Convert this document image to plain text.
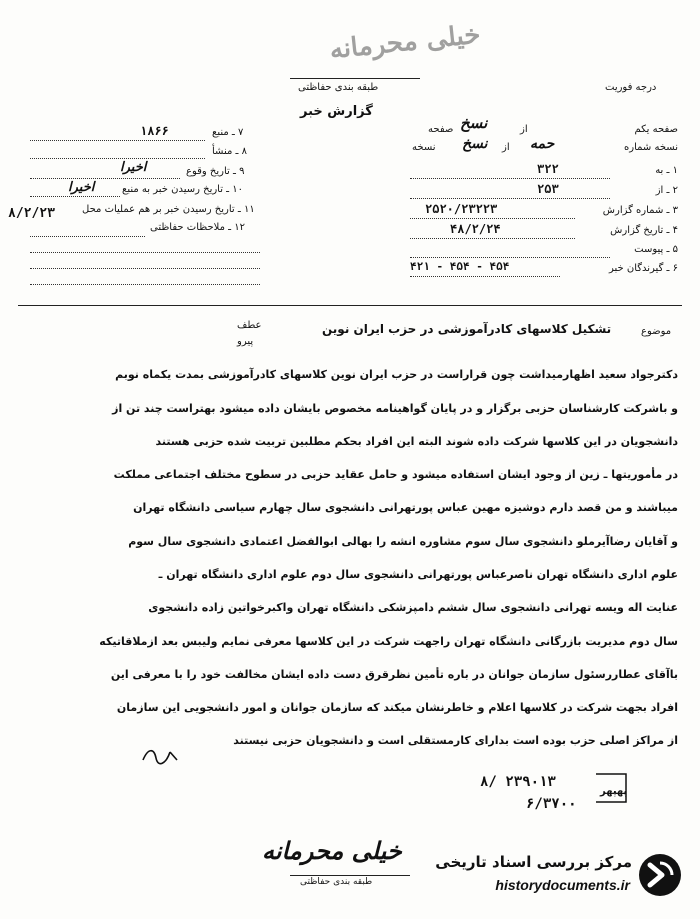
خیلی محرمانه
طبقه بندی حفاظتی	درجه فوریت
گزارش خبر
صفحه یکم
از
نسخ
صفحه
نسخه شماره
حمه
از
نسخ
نسخه
۱ ـ به
۳۲۲
۲ ـ از
۲۵۳
۳ ـ شماره گزارش
۲۵۲۰/۲۳۲۲۳
۴ ـ تاریخ گزارش
۴۸/۲/۲۴
۵ ـ پیوست
۶ ـ گیرندگان خبر
۴۲۱ - ۴۵۴ - ۴۵۴
۷ ـ منبع
۱۸۶۶
۸ ـ منشأ
۹ ـ تاریخ وقوع
اخیرا
۱۰ ـ تاریخ رسیدن خبر به منبع
اخیرا
۱۱ ـ تاریخ رسیدن خبر بر هم عملیات محل
۸/۲/۲۳
۱۲ ـ ملاحظات حفاظتی
عطف
پیرو
موضوع
تشکیل کلاسهای کادرآموزشی در حزب ایران نوین
دکترجواد سعید اظهارمیداشت چون قراراست در حزب ایران نوین کلاسهای کادرآموزشی بمدت یکماه نوبم
و باشرکت کارشناسان حزبی برگزار و در پایان گواهینامه مخصوص بایشان داده میشود بهتراست چند تن از
دانشجویان در این کلاسها شرکت داده شوند البته این افراد بحکم مطلبین تربیت شده حزبی هستند
در مأموریتها ـ زین از وجود ایشان استفاده میشود و حامل عقاید حزبی در سطوح مختلف اجتماعی مملکت
میباشند و من قصد دارم دوشیزه مهین عباس پورتهرانی دانشجوی سال چهارم سیاسی دانشگاه تهران
و آقایان رضاآیرملو دانشجوی سال سوم مشاوره انشه را بهالی ابوالفضل اعتمادی دانشجوی سال سوم
علوم اداری دانشگاه تهران ناصرعباس پورتهرانی دانشجوی سال دوم علوم اداری دانشگاه تهران ـ
عنایت اله ویسه تهرانی دانشجوی سال ششم دامپزشکی دانشگاه تهران واکبرخواتین زاده دانشجوی
سال دوم مدیریت بازرگانی دانشگاه تهران راجهت شرکت در این کلاسها معرفی نمایم ولیبس بعد ازملاقاتیکه
باآقای عطاررسئول سازمان جوانان در باره تأمین نظرقرق دست داده ایشان مخالفت خود را با معرفی این
افراد بجهت شرکت در کلاسها اعلام و خاطرنشان میکند که سازمان جوانان و امور دانشجویی این سازمان
از مراکز اصلی حزب بوده است بدارای کارمستقلی است و دانشجویان حزبی نیستند
۸/ ۲۳۹۰۱۳
پهپهر
۶/۳۷۰۰
خیلی محرمانه
طبقه بندی حفاظتی
مرکز بررسی اسناد تاریخی
historydocuments.ir
